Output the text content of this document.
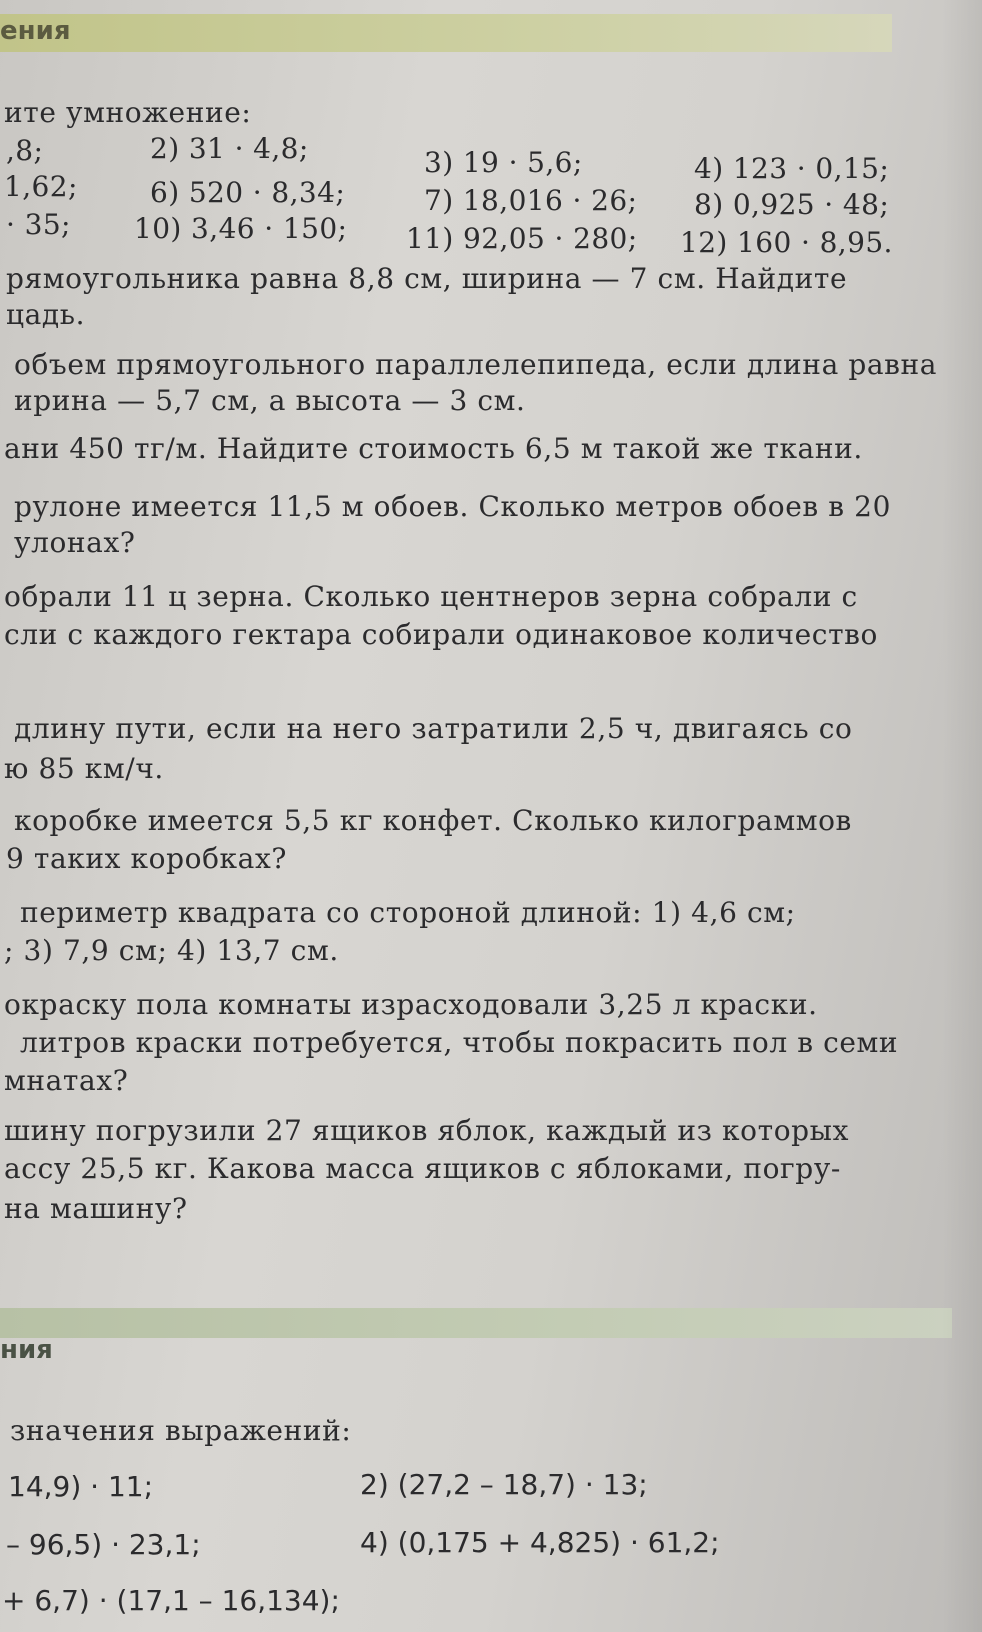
ения
ите умножение:
,8;	2) 31 · 4,8;	3) 19 · 5,6;	4) 123 · 0,15;
1,62;	6) 520 · 8,34;	7) 18,016 · 26; 8) 0,925 · 48;
· 35; 10) 3,46 · 150; 11) 92,05 · 280; 12) 160 · 8,95.
рямоугольника равна 8,8 см, ширина — 7 см. Найдите
цадь.
объем прямоугольного параллелепипеда, если длина равна
ирина — 5,7 см, а высота — 3 см.
ани 450 тг/м. Найдите стоимость 6,5 м такой же ткани.
рулоне имеется 11,5 м обоев. Сколько метров обоев в 20
улонах?
обрали 11 ц зерна. Сколько центнеров зерна собрали с
сли с каждого гектара собирали одинаковое количество
длину пути, если на него затратили 2,5 ч, двигаясь со
ю 85 км/ч.
коробке имеется 5,5 кг конфет. Сколько килограммов
9 таких коробках?
периметр квадрата со стороной длиной: 1) 4,6 см;
; 3) 7,9 см; 4) 13,7 см.
окраску пола комнаты израсходовали 3,25 л краски.
литров краски потребуется, чтобы покрасить пол в семи
мнатах?
шину погрузили 27 ящиков яблок, каждый из которых
ассу 25,5 кг. Какова масса ящиков с яблоками, погру-
на машину?
ния
значения выражений:
14,9) · 11;	2) (27,2 – 18,7) · 13;
– 96,5) · 23,1;	4) (0,175 + 4,825) · 61,2;
+ 6,7) · (17,1 – 16,134);
